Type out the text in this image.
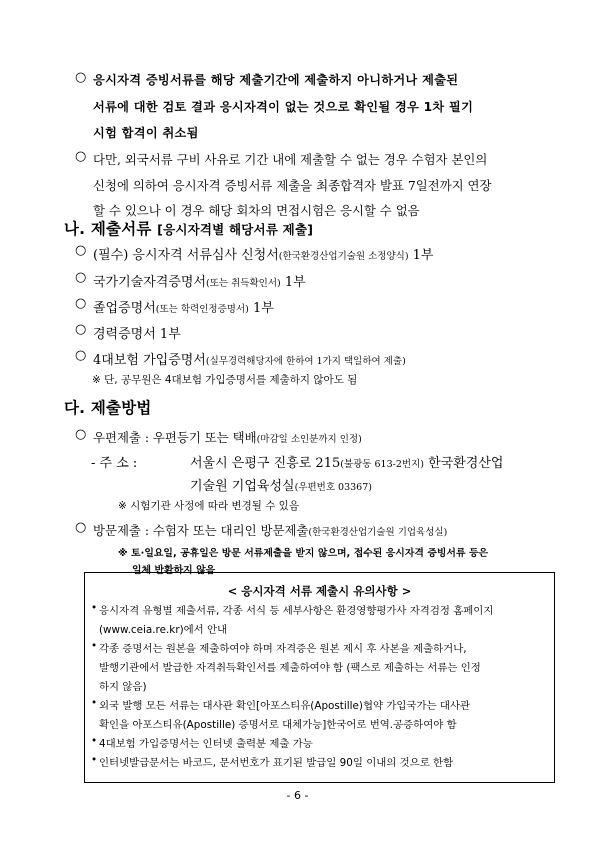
○ 응시자격 증빙서류를 해당 제출기간에 제출하지 아니하거나 제출된
서류에 대한 검토 결과 응시자격이 없는 것으로 확인될 경우 1차 필기
시험 합격이 취소됨
○ 다만, 외국서류 구비 사유로 기간 내에 제출할 수 없는 경우 수험자 본인의
신청에 의하여 응시자격 증빙서류 제출을 최종합격자 발표 7일전까지 연장
할 수 있으나 이 경우 해당 회차의 면접시험은 응시할 수 없음
나. 제출서류 [응시자격별 해당서류 제출]
○ (필수) 응시자격 서류심사 신청서(한국환경산업기술원 소정양식) 1부
○ 국가기술자격증명서(또는 취득확인서) 1부
○ 졸업증명서(또는 학력인정증명서) 1부
○ 경력증명서 1부
○ 4대보험 가입증명서(실무경력해당자에 한하여 1가지 택일하여 제출)
※ 단, 공무원은 4대보험 가입증명서를 제출하지 않아도 됨
다. 제출방법
○ 우편제출 : 우편등기 또는 택배(마감일 소인분까지 인정)
- 주 소 :	서울시 은평구 진흥로 215(불광동 613-2번지) 한국환경산업
기술원 기업육성실(우편번호 03367)
※ 시험기관 사정에 따라 변경될 수 있음
○ 방문제출 : 수험자 또는 대리인 방문제출(한국환경산업기술원 기업육성실)
※ 토·일요일, 공휴일은 방문 서류제출을 받지 않으며, 접수된 응시자격 증빙서류 등은
일체 반환하지 않음
< 응시자격 서류 제출시 유의사항 >
• 응시자격 유형별 제출서류, 각종 서식 등 세부사항은 환경영향평가사 자격검정 홈페이지
(www.ceia.re.kr)에서 안내
• 각종 증명서는 원본을 제출하여야 하며 자격증은 원본 제시 후 사본을 제출하거나,
발행기관에서 발급한 자격취득확인서를 제출하여야 함 (팩스로 제출하는 서류는 인정
하지 않음)
• 외국 발행 모든 서류는 대사관 확인[아포스티유(Apostille)협약 가입국가는 대사관
확인을 아포스티유(Apostille) 증명서로 대체가능]한국어로 번역.공증하여야 함
• 4대보험 가입증명서는 인터넷 출력분 제출 가능
• 인터넷발급문서는 바코드, 문서번호가 표기된 발급일 90일 이내의 것으로 한함
- 6 -
